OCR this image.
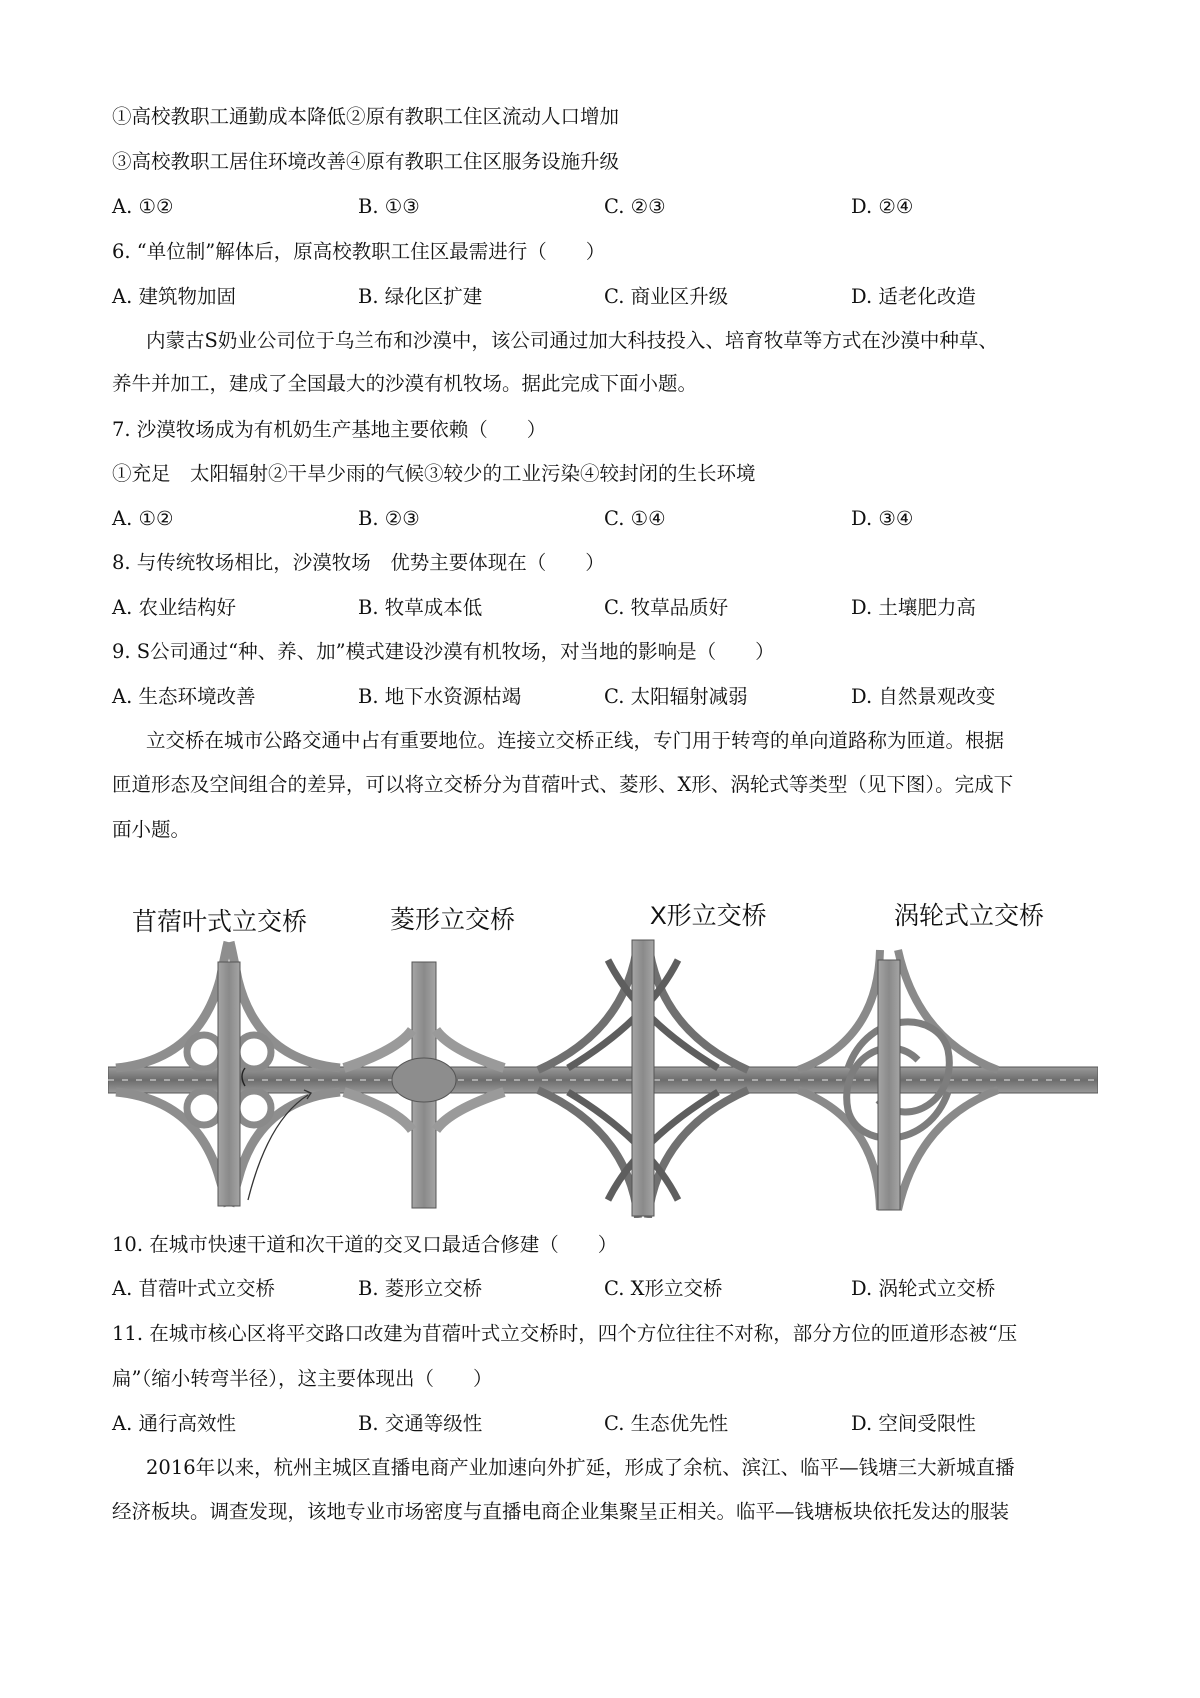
①高校教职工通勤成本降低②原有教职工住区流动人口增加
③高校教职工居住环境改善④原有教职工住区服务设施升级
A. ①②	B. ①③	C. ②③	D. ②④
6. “单位制”解体后，原高校教职工住区最需进行（　　）
A. 建筑物加固	B. 绿化区扩建	C. 商业区升级	D. 适老化改造
内蒙古S奶业公司位于乌兰布和沙漠中，该公司通过加大科技投入、培育牧草等方式在沙漠中种草、
养牛并加工，建成了全国最大的沙漠有机牧场。据此完成下面小题。
7. 沙漠牧场成为有机奶生产基地主要依赖（　　）
①充足　太阳辐射②干旱少雨的气候③较少的工业污染④较封闭的生长环境
A. ①②	B. ②③	C. ①④	D. ③④
8. 与传统牧场相比，沙漠牧场　优势主要体现在（　　）
A. 农业结构好	B. 牧草成本低	C. 牧草品质好	D. 土壤肥力高
9. S公司通过“种、养、加”模式建设沙漠有机牧场，对当地的影响是（　　）
A. 生态环境改善	B. 地下水资源枯竭	C. 太阳辐射减弱	D. 自然景观改变
立交桥在城市公路交通中占有重要地位。连接立交桥正线，专门用于转弯的单向道路称为匝道。根据
匝道形态及空间组合的差异，可以将立交桥分为苜蓿叶式、菱形、X形、涡轮式等类型（见下图）。完成下
面小题。
苜蓿叶式立交桥	菱形立交桥	X形立交桥	涡轮式立交桥
10. 在城市快速干道和次干道的交叉口最适合修建（　　）
A. 苜蓿叶式立交桥	B. 菱形立交桥	C. X形立交桥	D. 涡轮式立交桥
11. 在城市核心区将平交路口改建为苜蓿叶式立交桥时，四个方位往往不对称，部分方位的匝道形态被“压
扁”（缩小转弯半径），这主要体现出（　　）
A. 通行高效性	B. 交通等级性	C. 生态优先性	D. 空间受限性
2016年以来，杭州主城区直播电商产业加速向外扩延，形成了余杭、滨江、临平—钱塘三大新城直播
经济板块。调查发现，该地专业市场密度与直播电商企业集聚呈正相关。临平—钱塘板块依托发达的服装
